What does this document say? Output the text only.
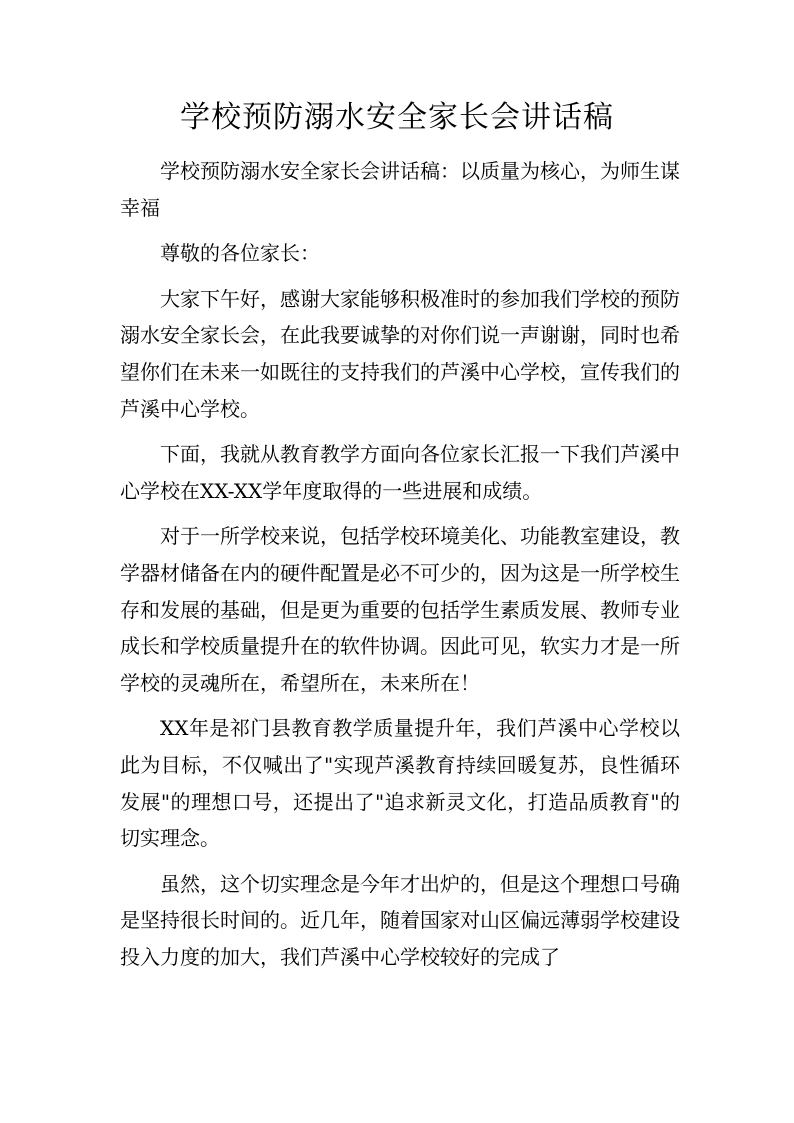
学校预防溺水安全家长会讲话稿

学校预防溺水安全家长会讲话稿：以质量为核心，为师生谋幸福

尊敬的各位家长：

大家下午好，感谢大家能够积极准时的参加我们学校的预防溺水安全家长会，在此我要诚挚的对你们说一声谢谢，同时也希望你们在未来一如既往的支持我们的芦溪中心学校，宣传我们的芦溪中心学校。

下面，我就从教育教学方面向各位家长汇报一下我们芦溪中心学校在XX-XX学年度取得的一些进展和成绩。

对于一所学校来说，包括学校环境美化、功能教室建设，教学器材储备在内的硬件配置是必不可少的，因为这是一所学校生存和发展的基础，但是更为重要的包括学生素质发展、教师专业成长和学校质量提升在的软件协调。因此可见，软实力才是一所学校的灵魂所在，希望所在，未来所在！

XX年是祁门县教育教学质量提升年，我们芦溪中心学校以此为目标，不仅喊出了"实现芦溪教育持续回暖复苏，良性循环发展"的理想口号，还提出了"追求新灵文化，打造品质教育"的切实理念。

虽然，这个切实理念是今年才出炉的，但是这个理想口号确是坚持很长时间的。近几年，随着国家对山区偏远薄弱学校建设投入力度的加大，我们芦溪中心学校较好的完成了
